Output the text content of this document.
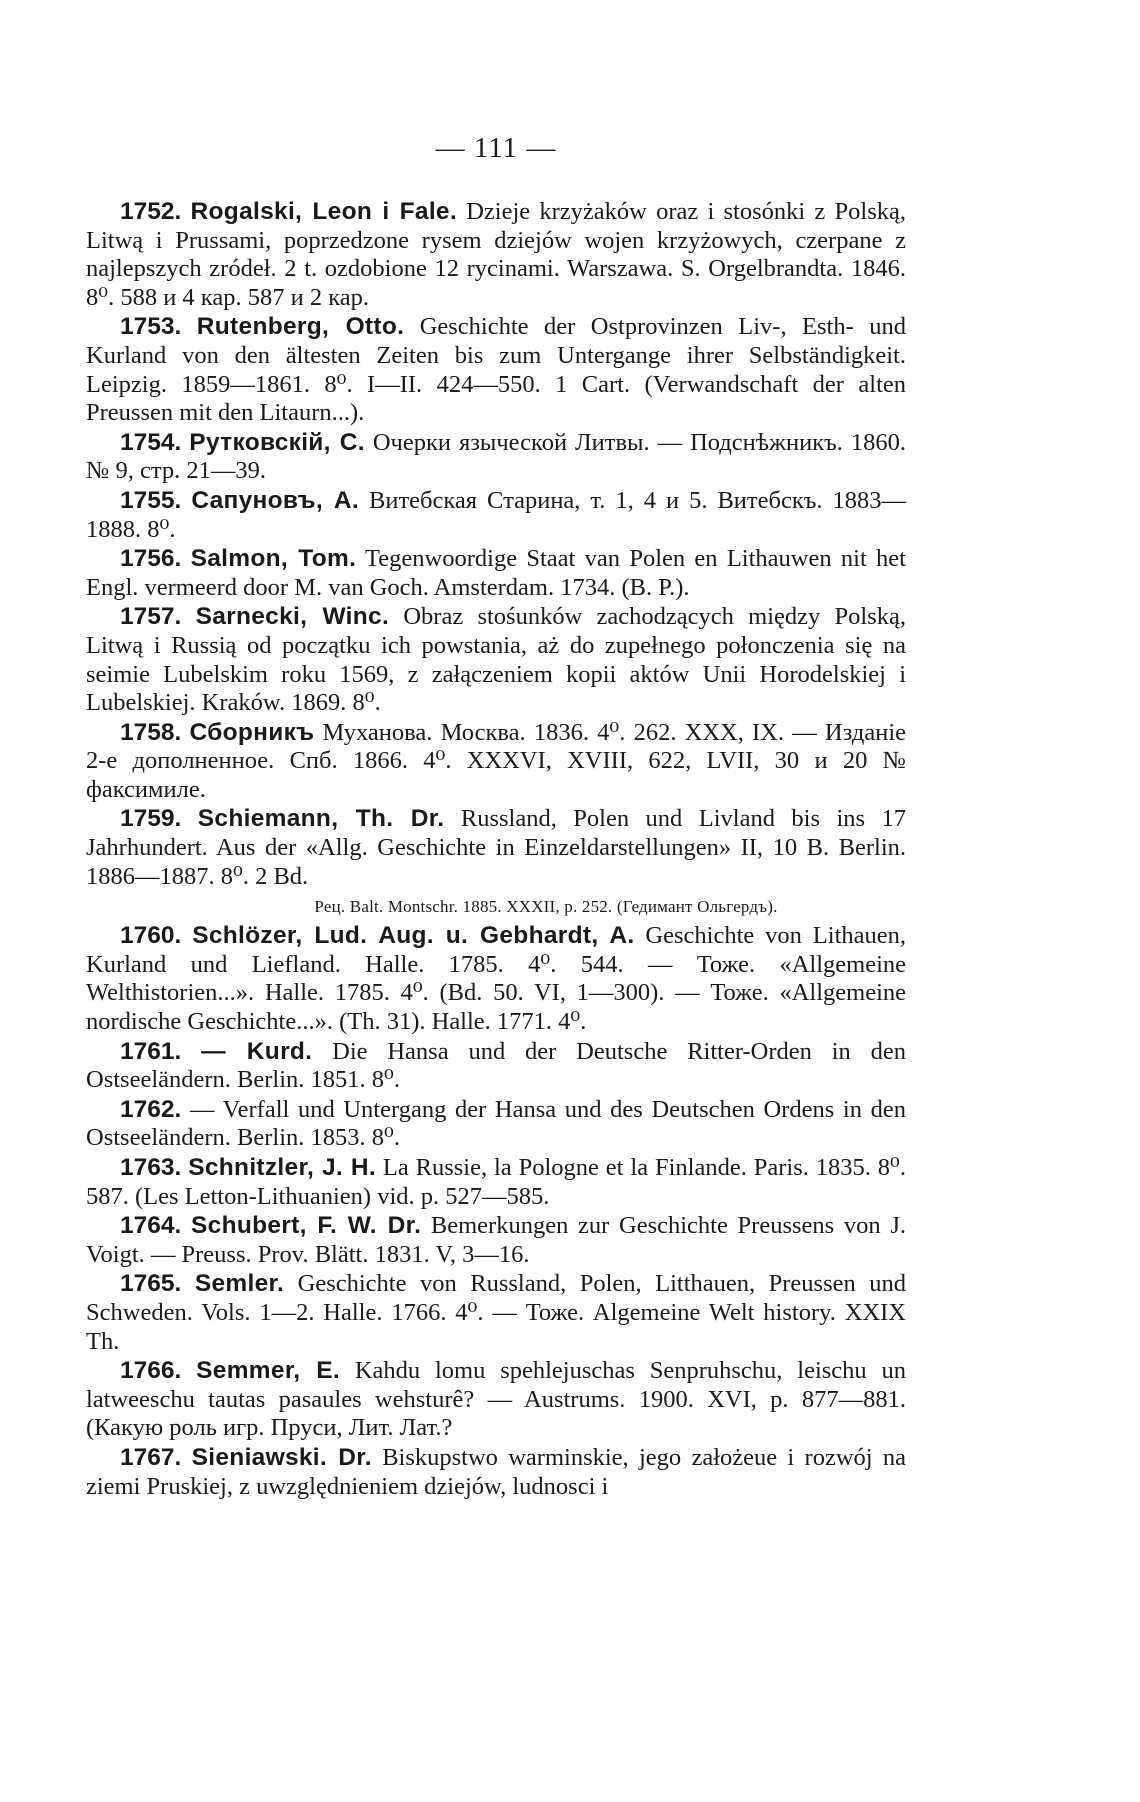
— 111 —

1752. Rogalski, Leon i Fale. Dzieje krzyżaków oraz i stosónki z Polską, Litwą i Prussami, poprzedzone rysem dziejów wojen krzyżowych, czerpane z najlepszych zródeł. 2 t. ozdobione 12 rycinami. Warszawa. S. Orgelbrandta. 1846. 8⁰. 588 и 4 кар. 587 и 2 кар.

1753. Rutenberg, Otto. Geschichte der Ostprovinzen Liv-, Esth- und Kurland von den ältesten Zeiten bis zum Untergange ihrer Selbständigkeit. Leipzig. 1859—1861. 8⁰. I—II. 424—550. 1 Cart. (Verwandschaft der alten Preussen mit den Litaurn...).

1754. Рутковскій, С. Очерки языческой Литвы. — Подснѣжникъ. 1860. № 9, стр. 21—39.

1755. Сапуновъ, А. Витебская Старина, т. 1, 4 и 5. Витебскъ. 1883—1888. 8⁰.

1756. Salmon, Tom. Tegenwoordige Staat van Polen en Lithauwen nit het Engl. vermeerd door M. van Goch. Amsterdam. 1734. (B. P.).

1757. Sarnecki, Winc. Obraz stośunków zachodzących między Polską, Litwą i Russią od początku ich powstania, aż do zupełnego połonczenia się na seimie Lubelskim roku 1569, z załączeniem kopii aktów Unii Horodelskiej i Lubelskiej. Kraków. 1869. 8⁰.

1758. Сборникъ Муханова. Москва. 1836. 4⁰. 262. XXX, IX. — Изданіе 2-е дополненное. Спб. 1866. 4⁰. XXXVI, XVIII, 622, LVII, 30 и 20 № факсимиле.

1759. Schiemann, Th. Dr. Russland, Polen und Livland bis ins 17 Jahrhundert. Aus der «Allg. Geschichte in Einzeldarstellungen» II, 10 B. Berlin. 1886—1887. 8⁰. 2 Bd.

Рец. Balt. Montschr. 1885. XXXII, p. 252. (Гедимант Ольгердъ).

1760. Schlözer, Lud. Aug. u. Gebhardt, A. Geschichte von Lithauen, Kurland und Liefland. Halle. 1785. 4⁰. 544. — Тоже. «Allgemeine Welthistorien...». Halle. 1785. 4⁰. (Bd. 50. VI, 1—300). — Тоже. «Allgemeine nordische Geschichte...». (Th. 31). Halle. 1771. 4⁰.

1761. — Kurd. Die Hansa und der Deutsche Ritter-Orden in den Ostseeländern. Berlin. 1851. 8⁰.

1762. — Verfall und Untergang der Hansa und des Deutschen Ordens in den Ostseeländern. Berlin. 1853. 8⁰.

1763. Schnitzler, J. H. La Russie, la Pologne et la Finlande. Paris. 1835. 8⁰. 587. (Les Letton-Lithuanien) vid. p. 527—585.

1764. Schubert, F. W. Dr. Bemerkungen zur Geschichte Preussens von J. Voigt. — Preuss. Prov. Blätt. 1831. V, 3—16.

1765. Semler. Geschichte von Russland, Polen, Litthauen, Preussen und Schweden. Vols. 1—2. Halle. 1766. 4⁰. — Тоже. Algemeine Welt history. XXIX Th.

1766. Semmer, E. Kahdu lomu spehlejuschas Senpruhschu, leischu un latweeschu tautas pasaules wehsturê? — Austrums. 1900. XVI, p. 877—881. (Какую роль игр. Пруси, Лит. Лат.?

1767. Sieniawski. Dr. Biskupstwo warminskie, jego założeue i rozwój na ziemi Pruskiej, z uwzględnieniem dziejów, ludnosci i
